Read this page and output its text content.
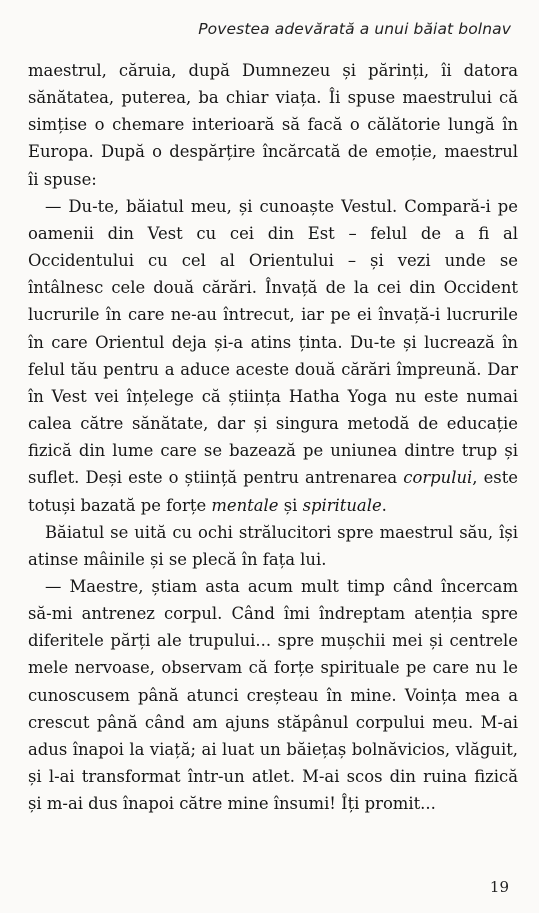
Povestea adevărată a unui băiat bolnav

maestrul, căruia, după Dumnezeu și părinți, îi datora sănătatea, puterea, ba chiar viața. Îi spuse maestrului că simțise o chemare interioară să facă o călătorie lungă în Europa. După o despărțire încărcată de emoție, maestrul îi spuse:

— Du-te, băiatul meu, și cunoaște Vestul. Compară-i pe oamenii din Vest cu cei din Est – felul de a fi al Occidentului cu cel al Orientului – și vezi unde se întâlnesc cele două cărări. Învață de la cei din Occident lucrurile în care ne-au întrecut, iar pe ei învață-i lucrurile în care Orientul deja și-a atins ținta. Du-te și lucrează în felul tău pentru a aduce aceste două cărări împreună. Dar în Vest vei înțelege că știința Hatha Yoga nu este numai calea către sănătate, dar și singura metodă de educație fizică din lume care se bazează pe uniunea dintre trup și suflet. Deși este o știință pentru antrenarea corpului, este totuși bazată pe forțe mentale și spirituale.

Băiatul se uită cu ochi strălucitori spre maestrul său, își atinse mâinile și se plecă în fața lui.

— Maestre, știam asta acum mult timp când încercam să-mi antrenez corpul. Când îmi îndreptam atenția spre diferitele părți ale trupului... spre mușchii mei și centrele mele nervoase, observam că forțe spirituale pe care nu le cunoscusem până atunci creșteau în mine. Voința mea a crescut până când am ajuns stăpânul corpului meu. M-ai adus înapoi la viață; ai luat un băiețaș bolnăvicios, vlăguit, și l-ai transformat într-un atlet. M-ai scos din ruina fizică și m-ai dus înapoi către mine însumi! Îți promit...

19
